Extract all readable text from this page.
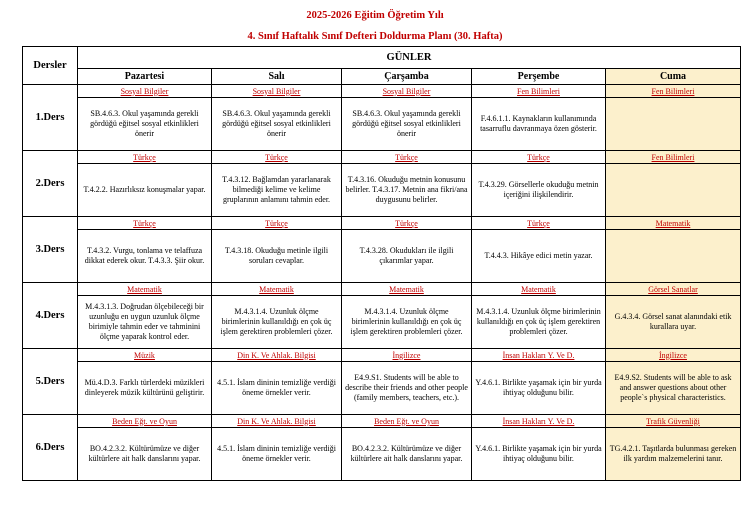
2025-2026 Eğitim Öğretim Yılı
4. Sınıf Haftalık Sınıf Defteri Doldurma Planı (30. Hafta)
Dersler	GÜNLER				
	Pazartesi	Salı	Çarşamba	Perşembe	Cuma
1.Ders	Sosyal Bilgiler	Sosyal Bilgiler	Sosyal Bilgiler	Fen Bilimleri	Fen Bilimleri
	SB.4.6.3. Okul yaşamında gerekli gördüğü eğitsel sosyal etkinlikleri önerir	SB.4.6.3. Okul yaşamında gerekli gördüğü eğitsel sosyal etkinlikleri önerir	SB.4.6.3. Okul yaşamında gerekli gördüğü eğitsel sosyal etkinlikleri önerir	F.4.6.1.1. Kaynakların kullanımında tasarruflu davranmaya özen gösterir.	
2.Ders	Türkçe	Türkçe	Türkçe	Türkçe	Fen Bilimleri
	T.4.2.2. Hazırlıksız konuşmalar yapar.	T.4.3.12. Bağlamdan yararlanarak bilmediği kelime ve kelime gruplarının anlamını tahmin eder.	T.4.3.16. Okuduğu metnin konusunu belirler. T.4.3.17. Metnin ana fikri/ana duygusunu belirler.	T.4.3.29. Görsellerle okuduğu metnin içeriğini ilişkilendirir.	
3.Ders	Türkçe	Türkçe	Türkçe	Türkçe	Matematik
	T.4.3.2. Vurgu, tonlama ve telaffuza dikkat ederek okur. T.4.3.3. Şiir okur.	T.4.3.18. Okuduğu metinle ilgili soruları cevaplar.	T.4.3.28. Okudukları ile ilgili çıkarımlar yapar.	T.4.4.3. Hikâye edici metin yazar.	
4.Ders	Matematik	Matematik	Matematik	Matematik	Görsel Sanatlar
	M.4.3.1.3. Doğrudan ölçebileceği bir uzunluğu en uygun uzunluk ölçme birimiyle tahmin eder ve tahminini ölçme yaparak kontrol eder.	M.4.3.1.4. Uzunluk ölçme birimlerinin kullanıldığı en çok üç işlem gerektiren problemleri çözer.	M.4.3.1.4. Uzunluk ölçme birimlerinin kullanıldığı en çok üç işlem gerektiren problemleri çözer.	M.4.3.1.4. Uzunluk ölçme birimlerinin kullanıldığı en çok üç işlem gerektiren problemleri çözer.	G.4.3.4. Görsel sanat alanındaki etik kurallara uyar.
5.Ders	Müzik	Din K. Ve Ahlak. Bilgisi	İngilizce	İnsan Hakları Y. Ve D.	İngilizce
	Mü.4.D.3. Farklı türlerdeki müzikleri dinleyerek müzik kültürünü geliştirir.	4.5.1. İslam dininin temizliğe verdiği öneme örnekler verir.	E4.9.S1. Students will be able to describe their friends and other people (family members, teachers, etc.).	Y.4.6.1. Birlikte yaşamak için bir yurda ihtiyaç olduğunu bilir.	E4.9.S2. Students will be able to ask and answer questions about other people`s physical characteristics.
6.Ders	Beden Eğt. ve Oyun	Din K. Ve Ahlak. Bilgisi	Beden Eğt. ve Oyun	İnsan Hakları Y. Ve D.	Trafik Güvenliği
	BO.4.2.3.2. Kültürümüze ve diğer kültürlere ait halk danslarını yapar.	4.5.1. İslam dininin temizliğe verdiği öneme örnekler verir.	BO.4.2.3.2. Kültürümüze ve diğer kültürlere ait halk danslarını yapar.	Y.4.6.1. Birlikte yaşamak için bir yurda ihtiyaç olduğunu bilir.	TG.4.2.1. Taşıtlarda bulunması gereken ilk yardım malzemelerini tanır.
